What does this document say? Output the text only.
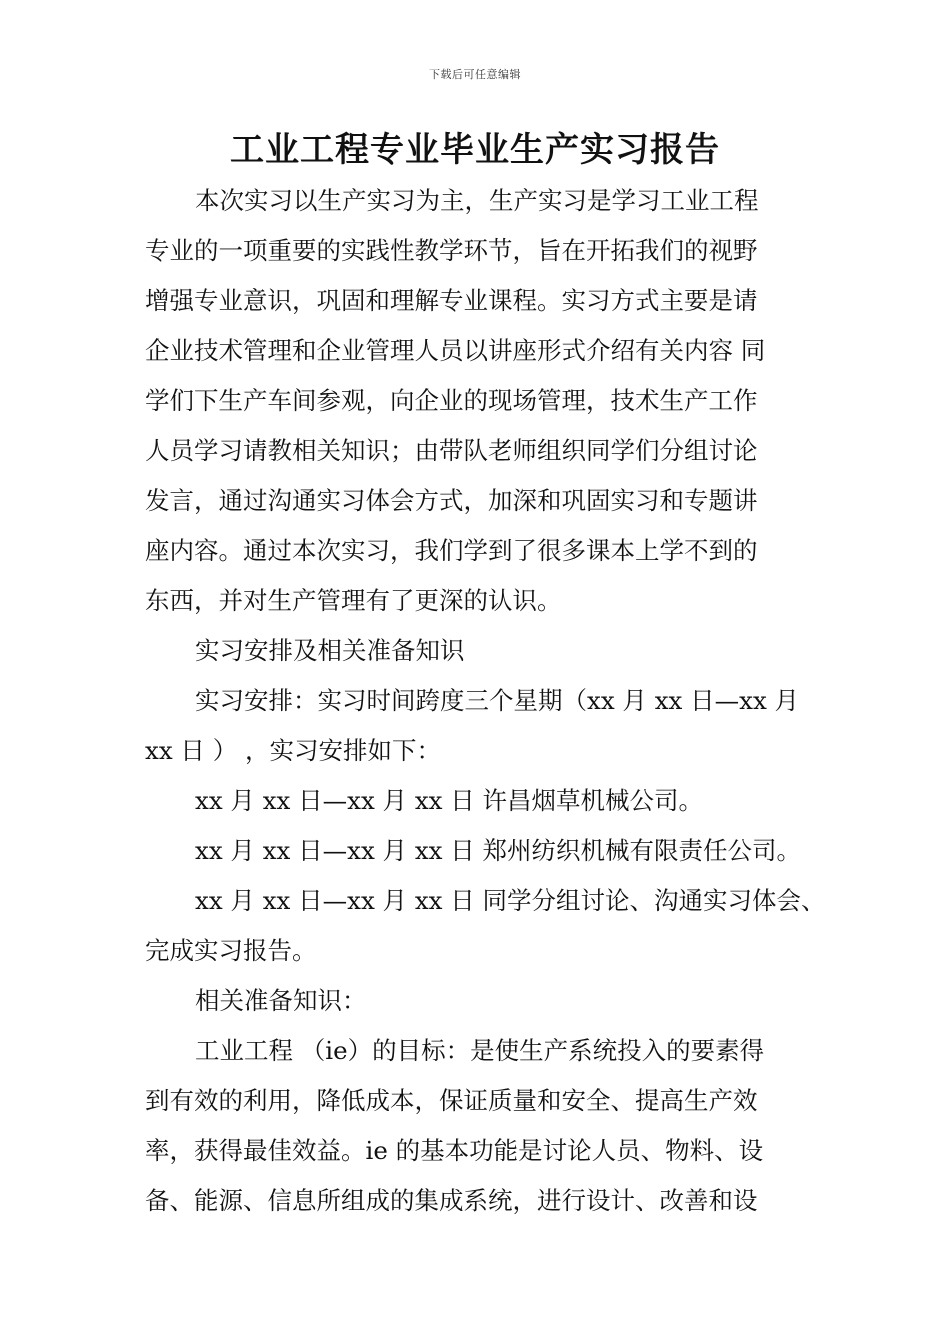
下载后可任意编辑
工业工程专业毕业生产实习报告

本次实习以生产实习为主，生产实习是学习工业工程
专业的一项重要的实践性教学环节，旨在开拓我们的视野
增强专业意识，巩固和理解专业课程。实习方式主要是请
企业技术管理和企业管理人员以讲座形式介绍有关内容 同
学们下生产车间参观，向企业的现场管理，技术生产工作
人员学习请教相关知识；由带队老师组织同学们分组讨论
发言，通过沟通实习体会方式，加深和巩固实习和专题讲
座内容。通过本次实习，我们学到了很多课本上学不到的
东西，并对生产管理有了更深的认识。

实习安排及相关准备知识

实习安排：实习时间跨度三个星期（xx 月 xx 日—xx 月
xx 日 ） ，实习安排如下：

xx 月 xx 日—xx 月 xx 日 许昌烟草机械公司。

xx 月 xx 日—xx 月 xx 日 郑州纺织机械有限责任公司。

xx 月 xx 日—xx 月 xx 日 同学分组讨论、沟通实习体会、
完成实习报告。

相关准备知识：

工业工程 （ie）的目标：是使生产系统投入的要素得
到有效的利用，降低成本，保证质量和安全、提高生产效
率，获得最佳效益。ie 的基本功能是讨论人员、物料、设
备、能源、信息所组成的集成系统，进行设计、改善和设
